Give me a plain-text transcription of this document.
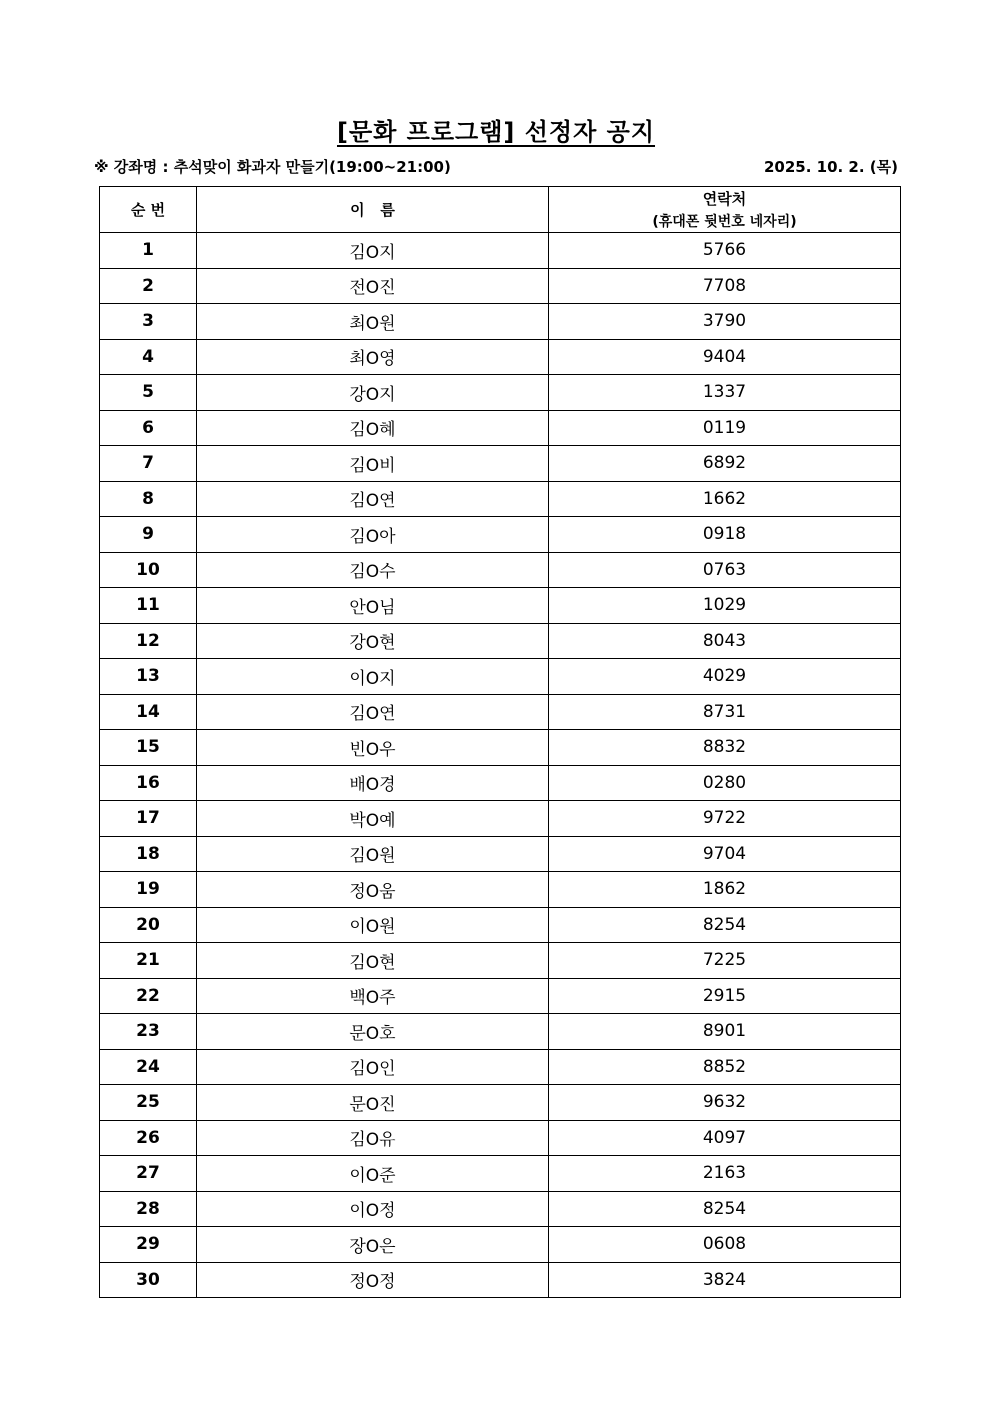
[문화 프로그램] 선정자 공지
※ 강좌명 : 추석맞이 화과자 만들기(19:00~21:00)	2025. 10. 2. (목)
순 번	이   름	연락처
(휴대폰 뒷번호 네자리)

1	김O지	5766
2	전O진	7708
3	최O원	3790
4	최O영	9404
5	강O지	1337
6	김O혜	0119
7	김O비	6892
8	김O연	1662
9	김O아	0918
10	김O수	0763
11	안O님	1029
12	강O현	8043
13	이O지	4029
14	김O연	8731
15	빈O우	8832
16	배O경	0280
17	박O예	9722
18	김O원	9704
19	정O움	1862
20	이O원	8254
21	김O현	7225
22	백O주	2915
23	문O호	8901
24	김O인	8852
25	문O진	9632
26	김O유	4097
27	이O준	2163
28	이O정	8254
29	장O은	0608
30	정O정	3824
